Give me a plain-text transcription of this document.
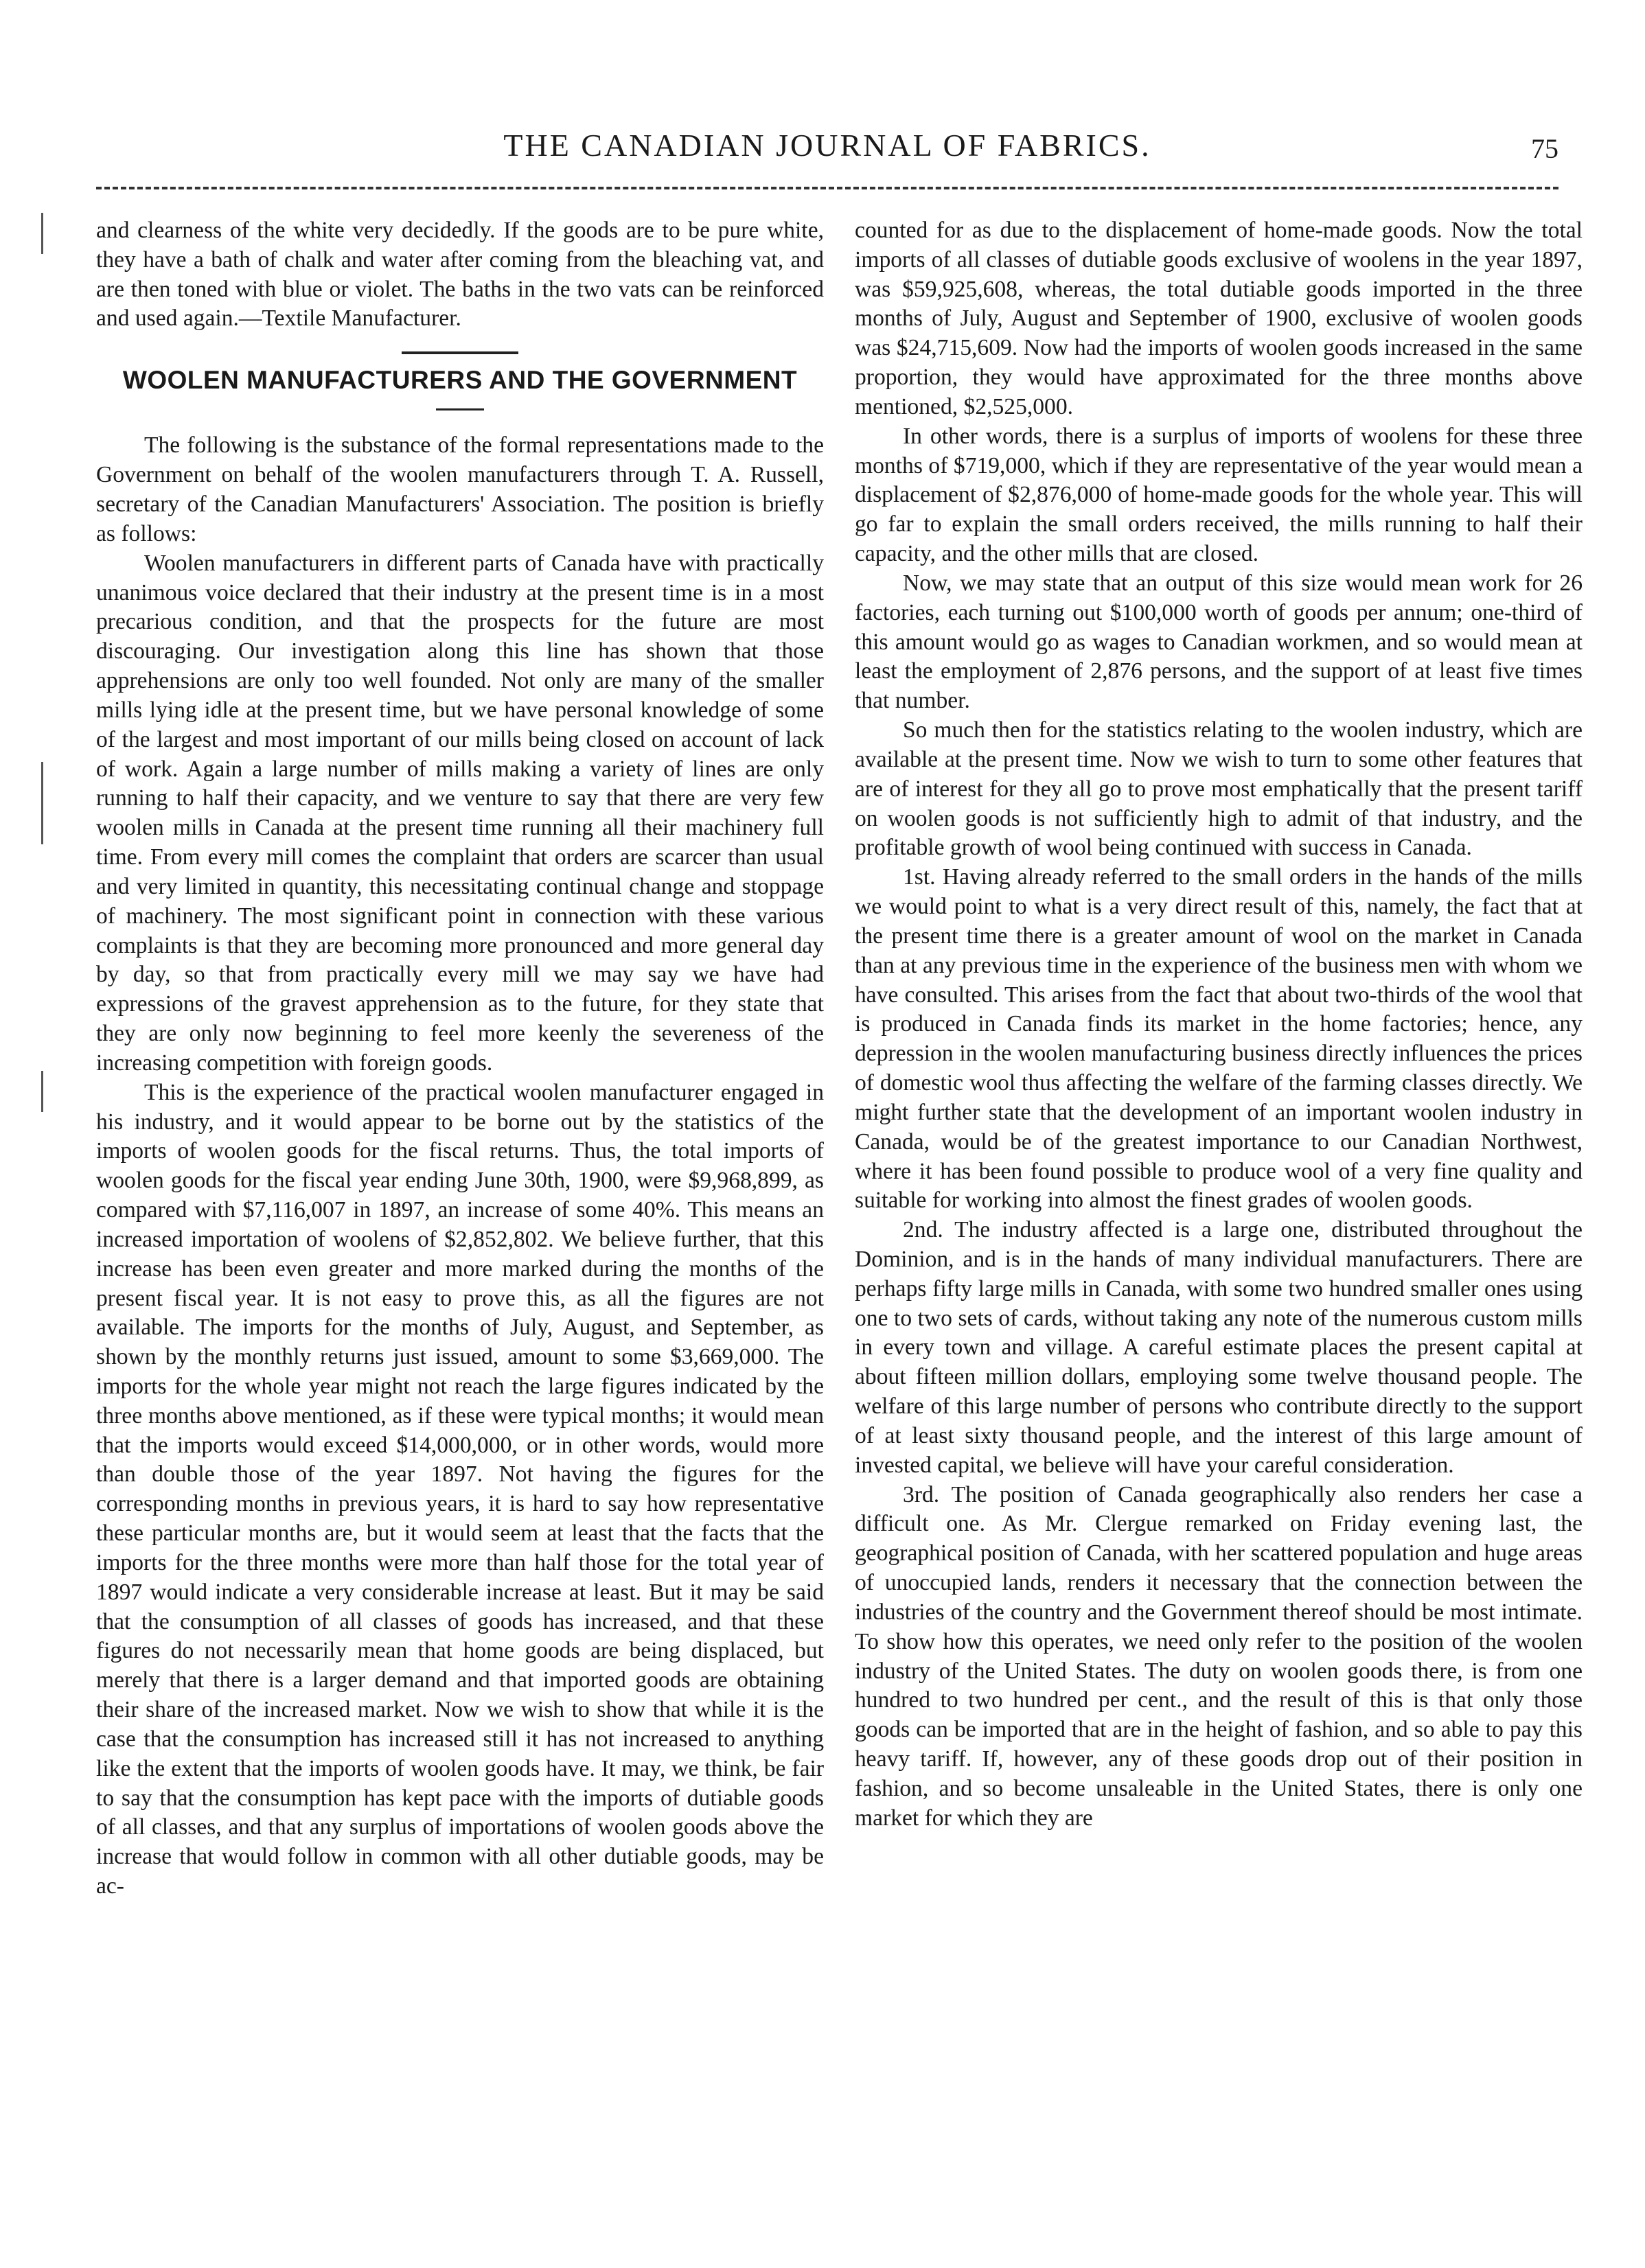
THE CANADIAN JOURNAL OF FABRICS.	75

and clearness of the white very decidedly. If the goods are to be pure white, they have a bath of chalk and water after coming from the bleaching vat, and are then toned with blue or violet. The baths in the two vats can be reinforced and used again.—Textile Manufacturer.

WOOLEN MANUFACTURERS AND THE GOVERNMENT

The following is the substance of the formal representations made to the Government on behalf of the woolen manufacturers through T. A. Russell, secretary of the Canadian Manufacturers' Association. The position is briefly as follows:

Woolen manufacturers in different parts of Canada have with practically unanimous voice declared that their industry at the present time is in a most precarious condition, and that the prospects for the future are most discouraging. Our investigation along this line has shown that those apprehensions are only too well founded. Not only are many of the smaller mills lying idle at the present time, but we have personal knowledge of some of the largest and most important of our mills being closed on account of lack of work. Again a large number of mills making a variety of lines are only running to half their capacity, and we venture to say that there are very few woolen mills in Canada at the present time running all their machinery full time. From every mill comes the complaint that orders are scarcer than usual and very limited in quantity, this necessitating continual change and stoppage of machinery. The most significant point in connection with these various complaints is that they are becoming more pronounced and more general day by day, so that from practically every mill we may say we have had expressions of the gravest apprehension as to the future, for they state that they are only now beginning to feel more keenly the severeness of the increasing competition with foreign goods.

This is the experience of the practical woolen manufacturer engaged in his industry, and it would appear to be borne out by the statistics of the imports of woolen goods for the fiscal returns. Thus, the total imports of woolen goods for the fiscal year ending June 30th, 1900, were $9,968,899, as compared with $7,116,007 in 1897, an increase of some 40%. This means an increased importation of woolens of $2,852,802. We believe further, that this increase has been even greater and more marked during the months of the present fiscal year. It is not easy to prove this, as all the figures are not available. The imports for the months of July, August, and September, as shown by the monthly returns just issued, amount to some $3,669,000. The imports for the whole year might not reach the large figures indicated by the three months above mentioned, as if these were typical months; it would mean that the imports would exceed $14,000,000, or in other words, would more than double those of the year 1897. Not having the figures for the corresponding months in previous years, it is hard to say how representative these particular months are, but it would seem at least that the facts that the imports for the three months were more than half those for the total year of 1897 would indicate a very considerable increase at least. But it may be said that the consumption of all classes of goods has increased, and that these figures do not necessarily mean that home goods are being displaced, but merely that there is a larger demand and that imported goods are obtaining their share of the increased market. Now we wish to show that while it is the case that the consumption has increased still it has not increased to anything like the extent that the imports of woolen goods have. It may, we think, be fair to say that the consumption has kept pace with the imports of dutiable goods of all classes, and that any surplus of importations of woolen goods above the increase that would follow in common with all other dutiable goods, may be ac-

counted for as due to the displacement of home-made goods. Now the total imports of all classes of dutiable goods exclusive of woolens in the year 1897, was $59,925,608, whereas, the total dutiable goods imported in the three months of July, August and September of 1900, exclusive of woolen goods was $24,715,609. Now had the imports of woolen goods increased in the same proportion, they would have approximated for the three months above mentioned, $2,525,000.

In other words, there is a surplus of imports of woolens for these three months of $719,000, which if they are representative of the year would mean a displacement of $2,876,000 of home-made goods for the whole year. This will go far to explain the small orders received, the mills running to half their capacity, and the other mills that are closed.

Now, we may state that an output of this size would mean work for 26 factories, each turning out $100,000 worth of goods per annum; one-third of this amount would go as wages to Canadian workmen, and so would mean at least the employment of 2,876 persons, and the support of at least five times that number.

So much then for the statistics relating to the woolen industry, which are available at the present time. Now we wish to turn to some other features that are of interest for they all go to prove most emphatically that the present tariff on woolen goods is not sufficiently high to admit of that industry, and the profitable growth of wool being continued with success in Canada.

1st. Having already referred to the small orders in the hands of the mills we would point to what is a very direct result of this, namely, the fact that at the present time there is a greater amount of wool on the market in Canada than at any previous time in the experience of the business men with whom we have consulted. This arises from the fact that about two-thirds of the wool that is produced in Canada finds its market in the home factories; hence, any depression in the woolen manufacturing business directly influences the prices of domestic wool thus affecting the welfare of the farming classes directly. We might further state that the development of an important woolen industry in Canada, would be of the greatest importance to our Canadian Northwest, where it has been found possible to produce wool of a very fine quality and suitable for working into almost the finest grades of woolen goods.

2nd. The industry affected is a large one, distributed throughout the Dominion, and is in the hands of many individual manufacturers. There are perhaps fifty large mills in Canada, with some two hundred smaller ones using one to two sets of cards, without taking any note of the numerous custom mills in every town and village. A careful estimate places the present capital at about fifteen million dollars, employing some twelve thousand people. The welfare of this large number of persons who contribute directly to the support of at least sixty thousand people, and the interest of this large amount of invested capital, we believe will have your careful consideration.

3rd. The position of Canada geographically also renders her case a difficult one. As Mr. Clergue remarked on Friday evening last, the geographical position of Canada, with her scattered population and huge areas of unoccupied lands, renders it necessary that the connection between the industries of the country and the Government thereof should be most intimate. To show how this operates, we need only refer to the position of the woolen industry of the United States. The duty on woolen goods there, is from one hundred to two hundred per cent., and the result of this is that only those goods can be imported that are in the height of fashion, and so able to pay this heavy tariff. If, however, any of these goods drop out of their position in fashion, and so become unsaleable in the United States, there is only one market for which they are
